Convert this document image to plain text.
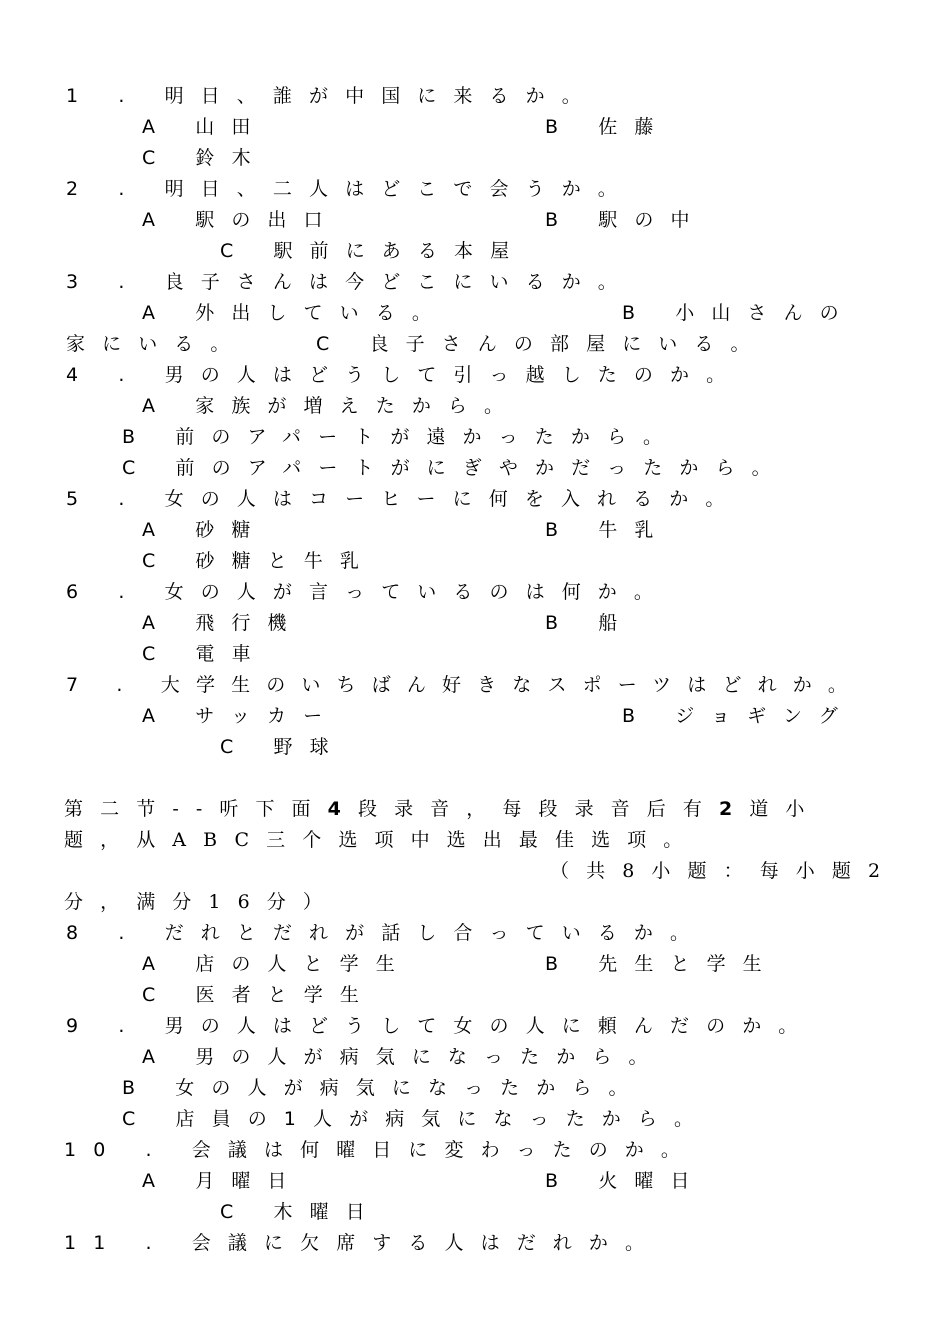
1 . 明日、誰が中国に来るか。
A 山田	B 佐藤
C 鈴木
2 . 明日、二人はどこで会うか。
A 駅の出口	B 駅の中
C 駅前にある本屋
3 . 良子さんは今どこにいるか。
A 外出している。	B 小山さんの
家にいる。	C 良子さんの部屋にいる。
4 . 男の人はどうして引っ越したのか。
A 家族が増えたから。
B 前のアパートが遠かったから。
C 前のアパートがにぎやかだったから。
5 . 女の人はコーヒーに何を入れるか。
A 砂糖	B 牛乳
C 砂糖と牛乳
6 . 女の人が言っているのは何か。
A 飛行機	B 船
C 電車
7 . 大学生のいちばん好きなスポーツはどれか。
A サッカー	B ジョギング
C 野球
第二节--听下面4段录音，每段录音后有2道小
题，从ABC三个选项中选出最佳选项。
（共8小题：每小题2
分，满分16分）
8 . だれとだれが話し合っているか。
A 店の人と学生	B 先生と学生
C 医者と学生
9 . 男の人はどうして女の人に頼んだのか。
A 男の人が病気になったから。
B 女の人が病気になったから。
C 店員の1人が病気になったから。
10 . 会議は何曜日に変わったのか。
A 月曜日	B 火曜日
C 木曜日
11 . 会議に欠席する人はだれか。
